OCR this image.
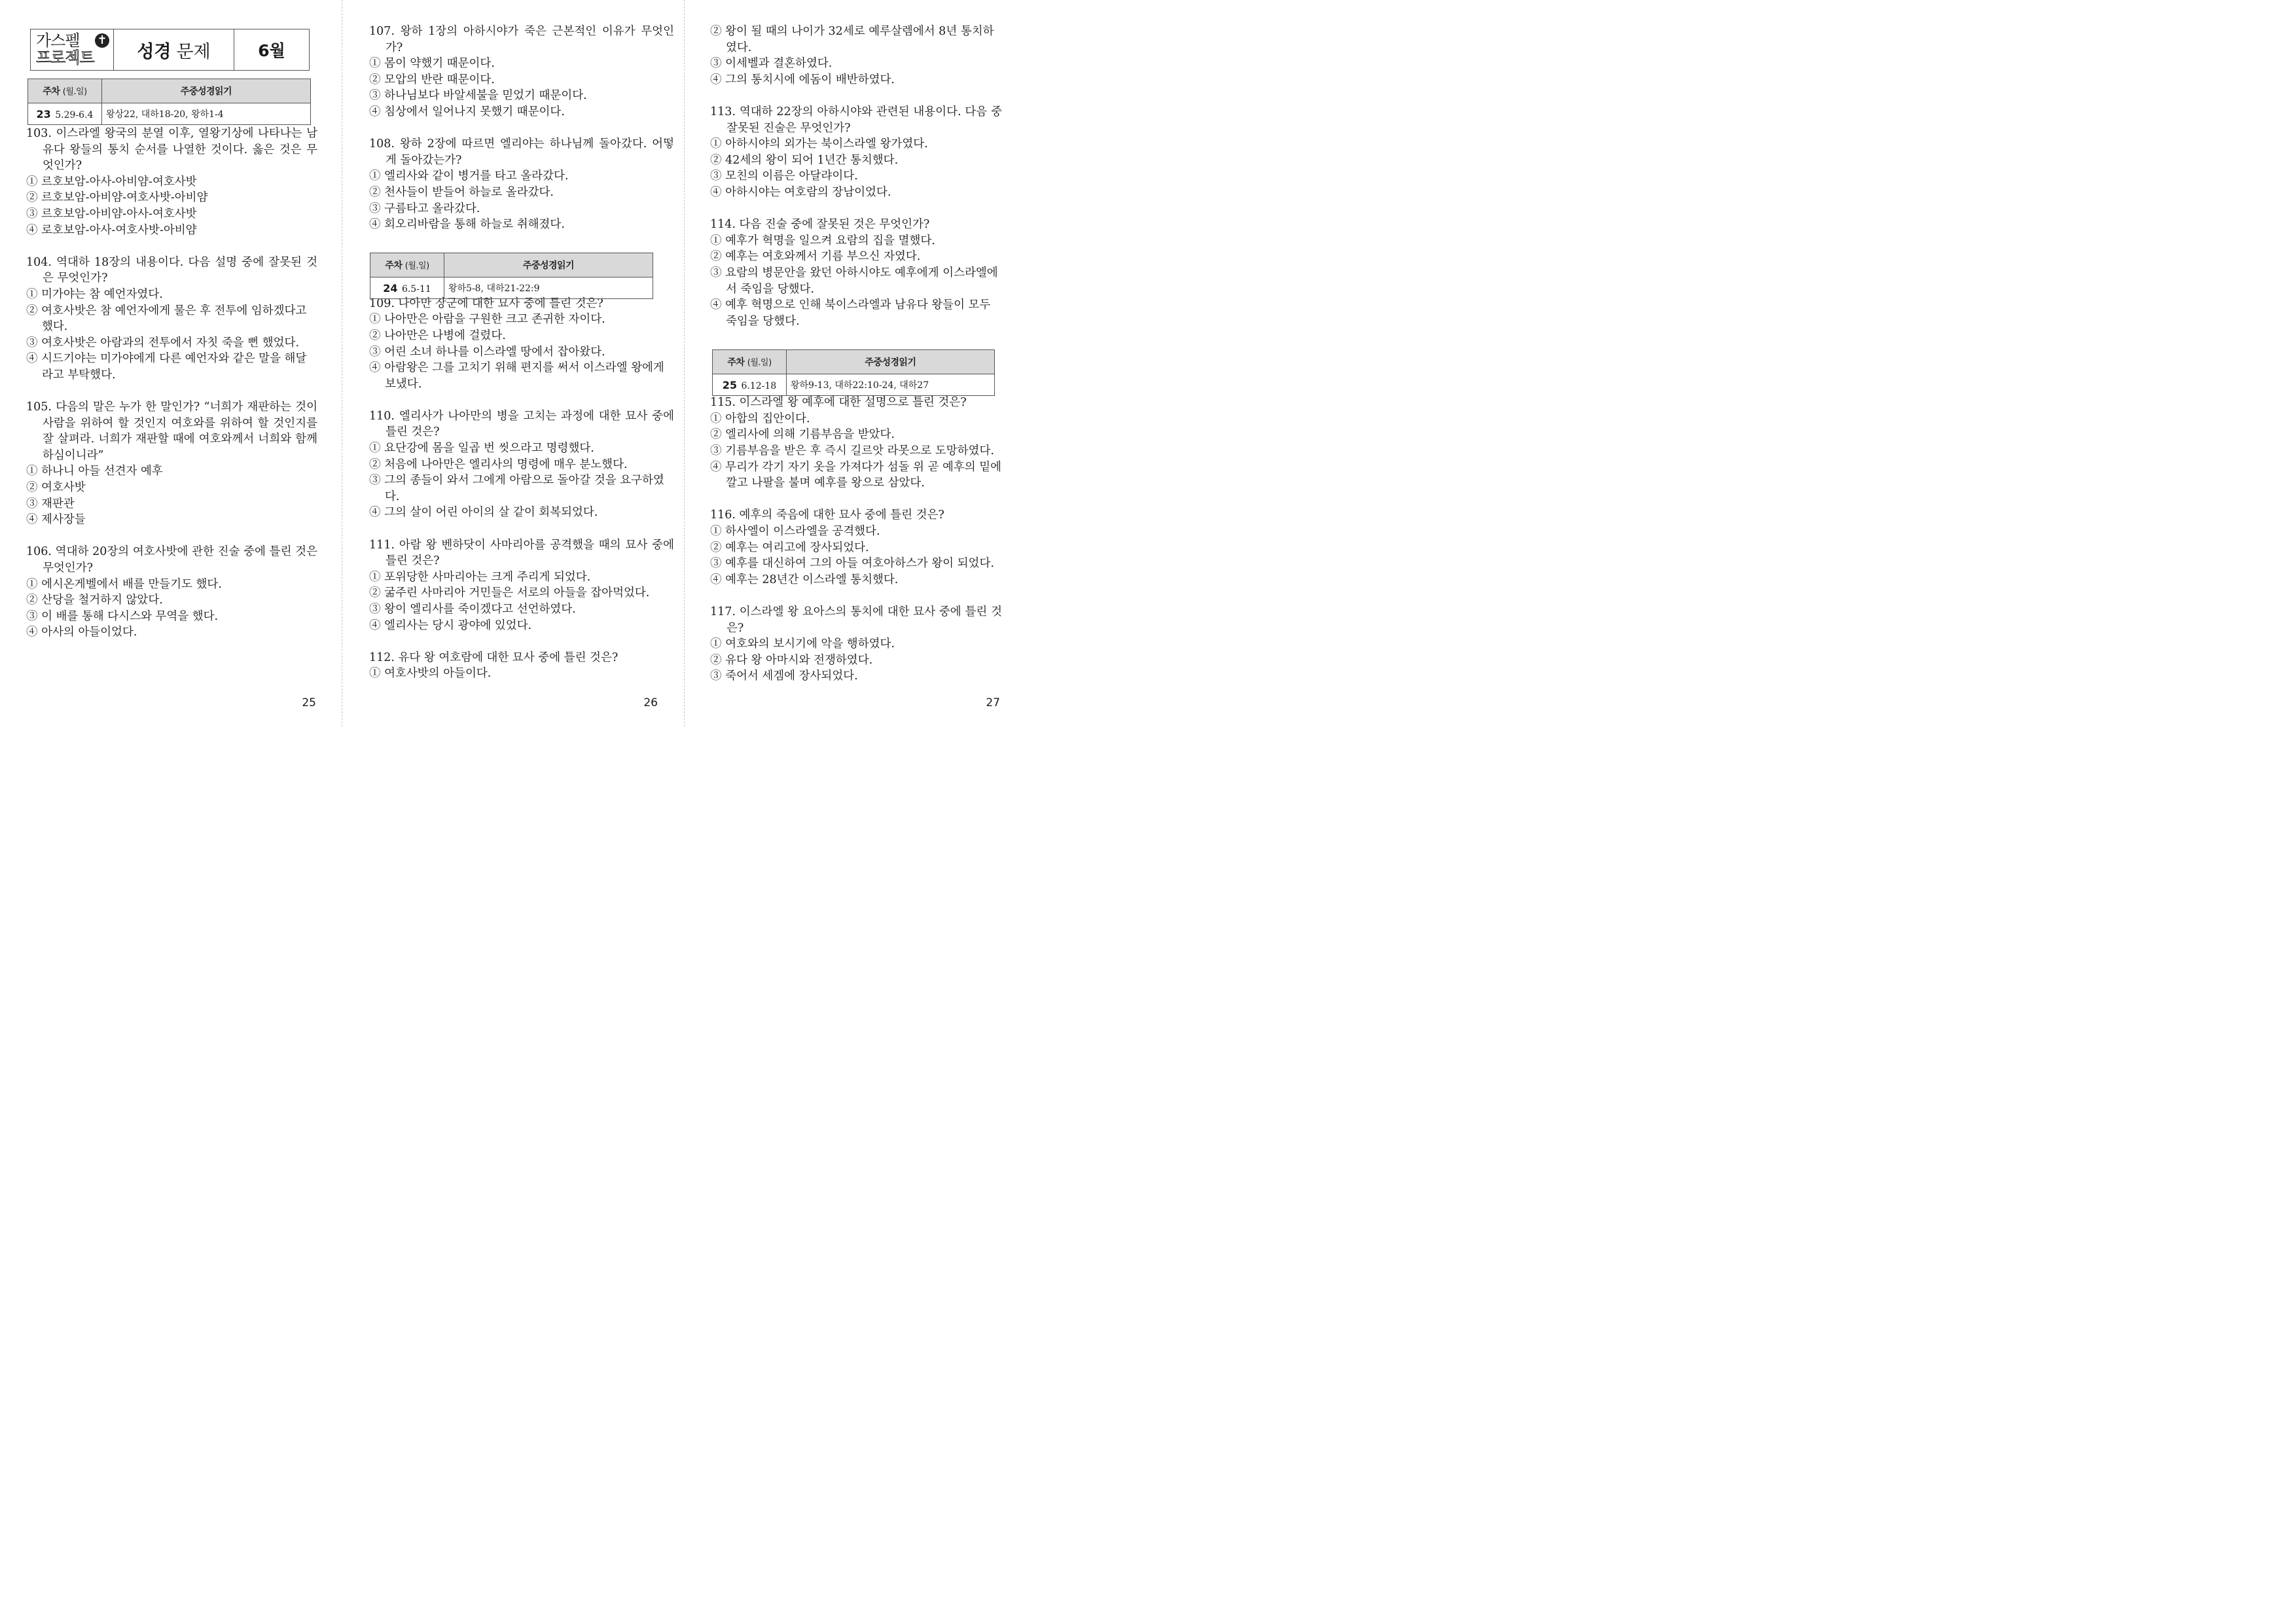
가스펠
프로젝트
✝
성경 문제	6월
주차 (월.일)	주중성경읽기
23 5.29-6.4	왕상22, 대하18-20, 왕하1-4
103. 이스라엘 왕국의 분열 이후, 열왕기상에 나타나는 남유다 왕들의 통치 순서를 나열한 것이다. 옳은 것은 무엇인가?
① 르호보암-아사-아비얌-여호사밧
② 르호보암-아비얌-여호사밧-아비얌
③ 르호보암-아비얌-아사-여호사밧
④ 로호보암-아사-여호사밧-아비얌
104. 역대하 18장의 내용이다. 다음 설명 중에 잘못된 것은 무엇인가?
① 미가야는 참 예언자였다.
② 여호사밧은 참 예언자에게 물은 후 전투에 임하겠다고 했다.
③ 여호사밧은 아람과의 전투에서 자칫 죽을 뻔 했었다.
④ 시드기야는 미가야에게 다른 예언자와 같은 말을 해달라고 부탁했다.
105. 다음의 말은 누가 한 말인가? “너희가 재판하는 것이 사람을 위하여 할 것인지 여호와를 위하여 할 것인지를 잘 살펴라. 너희가 재판할 때에 여호와께서 너희와 함께 하심이니라”
① 하나니 아들 선견자 예후
② 여호사밧
③ 재판관
④ 제사장들
106. 역대하 20장의 여호사밧에 관한 진술 중에 틀린 것은 무엇인가?
① 에시온게벨에서 배를 만들기도 했다.
② 산당을 철거하지 않았다.
③ 이 배를 통해 다시스와 무역을 했다.
④ 아사의 아들이었다.
25
107. 왕하 1장의 아하시야가 죽은 근본적인 이유가 무엇인가?
① 몸이 약했기 때문이다.
② 모압의 반란 때문이다.
③ 하나님보다 바알세불을 믿었기 때문이다.
④ 침상에서 일어나지 못했기 때문이다.
108. 왕하 2장에 따르면 엘리야는 하나님께 돌아갔다. 어떻게 돌아갔는가?
① 엘리사와 같이 병거를 타고 올라갔다.
② 천사들이 받들어 하늘로 올라갔다.
③ 구름타고 올라갔다.
④ 회오리바람을 통해 하늘로 취해졌다.
109. 나아만 장군에 대한 묘사 중에 틀린 것은?
① 나아만은 아람을 구원한 크고 존귀한 자이다.
② 나아만은 나병에 걸렸다.
③ 어린 소녀 하나를 이스라엘 땅에서 잡아왔다.
④ 아람왕은 그를 고치기 위해 편지를 써서 이스라엘 왕에게 보냈다.
110. 엘리사가 나아만의 병을 고치는 과정에 대한 묘사 중에 틀린 것은?
① 요단강에 몸을 일곱 번 씻으라고 명령했다.
② 처음에 나아만은 엘리사의 명령에 매우 분노했다.
③ 그의 종들이 와서 그에게 아람으로 돌아갈 것을 요구하였다.
④ 그의 살이 어린 아이의 살 같이 회복되었다.
111. 아람 왕 벤하닷이 사마리아를 공격했을 때의 묘사 중에 틀린 것은?
① 포위당한 사마리아는 크게 주리게 되었다.
② 굶주린 사마리아 거민들은 서로의 아들을 잡아먹었다.
③ 왕이 엘리사를 죽이겠다고 선언하였다.
④ 엘리사는 당시 광야에 있었다.
112. 유다 왕 여호람에 대한 묘사 중에 틀린 것은?
① 여호사밧의 아들이다.
26
주차 (월.일)	주중성경읽기
24 6.5-11	왕하5-8, 대하21-22:9
② 왕이 될 때의 나이가 32세로 예루살렘에서 8년 통치하였다.
③ 이세벨과 결혼하였다.
④ 그의 통치시에 에돔이 배반하였다.
113. 역대하 22장의 아하시야와 관련된 내용이다. 다음 중 잘못된 진술은 무엇인가?
① 아하시야의 외가는 북이스라엘 왕가였다.
② 42세의 왕이 되어 1년간 통치했다.
③ 모친의 이름은 아달랴이다.
④ 아하시야는 여호람의 장남이었다.
114. 다음 진술 중에 잘못된 것은 무엇인가?
① 예후가 혁명을 일으켜 요람의 집을 멸했다.
② 예후는 여호와께서 기름 부으신 자였다.
③ 요람의 병문안을 왔던 아하시야도 예후에게 이스라엘에서 죽임을 당했다.
④ 예후 혁명으로 인해 북이스라엘과 남유다 왕들이 모두 죽임을 당했다.
115. 이스라엘 왕 예후에 대한 설명으로 틀린 것은?
① 아합의 집안이다.
② 엘리사에 의해 기름부음을 받았다.
③ 기름부음을 받은 후 즉시 길르앗 라못으로 도망하였다.
④ 무리가 각기 자기 옷을 가져다가 섬돌 위 곧 예후의 밑에 깔고 나팔을 불며 예후를 왕으로 삼았다.
116. 예후의 죽음에 대한 묘사 중에 틀린 것은?
① 하사엘이 이스라엘을 공격했다.
② 예후는 여리고에 장사되었다.
③ 예후를 대신하여 그의 아들 여호아하스가 왕이 되었다.
④ 예후는 28년간 이스라엘 통치했다.
117. 이스라엘 왕 요아스의 통치에 대한 묘사 중에 틀린 것은?
① 여호와의 보시기에 악을 행하였다.
② 유다 왕 아마시와 전쟁하였다.
③ 죽어서 세겜에 장사되었다.
27
주차 (월.일)	주중성경읽기
25 6.12-18	왕하9-13, 대하22:10-24, 대하27
